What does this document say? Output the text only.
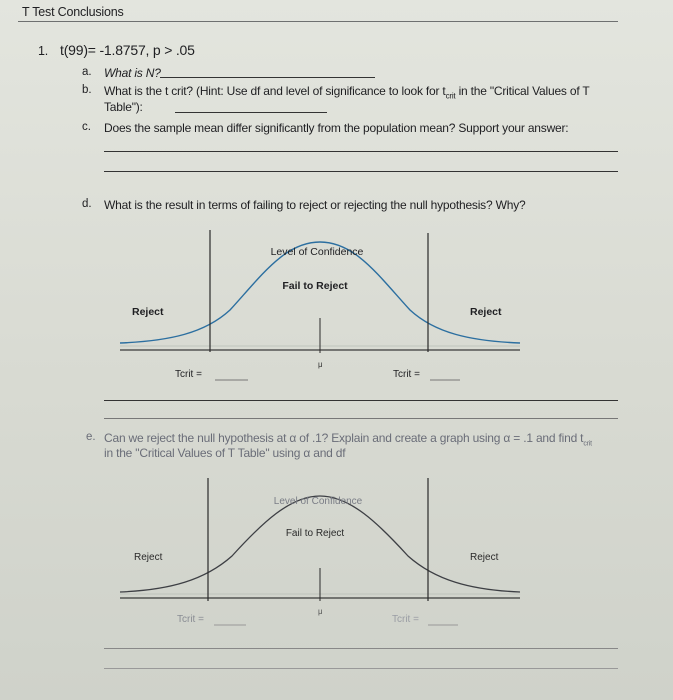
T Test Conclusions
1. t(99)= -1.8757, p > .05
a. What is N?
b. What is the t crit? (Hint: Use df and level of significance to look for $t_{crit}$ in the "Critical Values of T
Table"):
c. Does the sample mean differ significantly from the population mean? Support your answer:
d. What is the result in terms of failing to reject or rejecting the null hypothesis? Why?
Level of Confidence
Fail to Reject
Reject	Reject
μ
Tcrit =	Tcrit =
e. Can we reject the null hypothesis at α of .1? Explain and create a graph using α = .1 and find $t_{crit}$
in the "Critical Values of T Table" using α and df
Level of Confidence
Fail to Reject
Reject	Reject
μ
Tcrit =	Tcrit =
